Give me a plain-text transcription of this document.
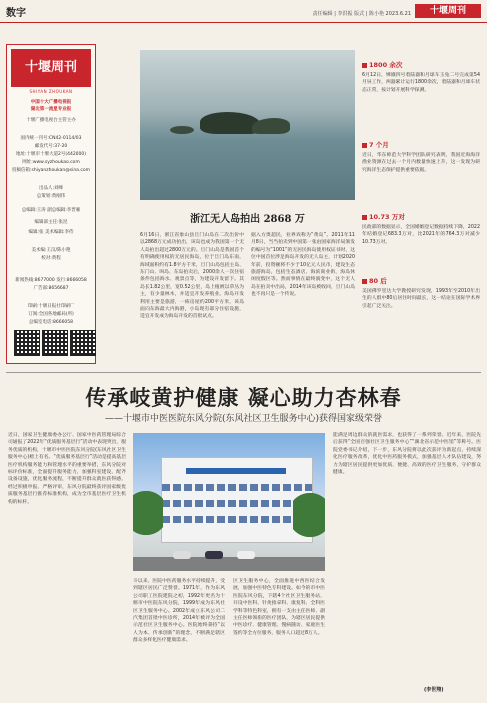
数字	责任编辑 | 李洪振 版式 | 陈小艳 2023.6.21	十堰周刊
十堰周刊
SHIYAN ZHOUKAN
中国十大广播电视报
湖北第一流星专业报
十堰广播电视台主管主办
国内统一刊号:CN42-0114/03
邮发代号:37-20
地址:十堰市十堰大道2号(442000)
网址:www.syzhoukao.com
投稿信箱:shiyanzhoukan@sina.com
出品人:刘峰
总策划:黄刚伟
总编辑:王涛 副总编辑:李晋雁
编辑部主任:张昆
编辑:张 美术编辑:李侍
美术编:王汉/陈小艳
校对:黄程
新闻热线:8677000 发行:8666058
广告部:8656687
印刷:十堰日报社印刷厂
订阅:全国各地邮局(所)
总编室电话:8666058
浙江无人岛拍出 2868 万
6月16日，浙江省象山县旦门山岛在二次出价中以2868万元成功拍出，该岛也成为我国第一个无人岛拍出超过2800万元的。旦门山岛是我国首个有明确使用权的无居民海岛，位于旦门岛东南，海域面积约有1.8平方千米，旦门山岛包括主岛、东门山、叫岛、东岛拍卖后，2000余人一次住宿条件包括海水、观景点等，为建设开发留下。其岛长1.82公里，宽0.52公里，岛上植被以草丛为主，有少量林木，并适宜开发养殖业。海岛开发利用主要是旅游，一栋房屋约200平方米，该岛面向东海最大内海港，小岛现有部分住宿设施，适宜开发成为海岛开发的首批试点。
据入方奥超民，业界戏称为“黄岛”。2011年11月8日，当当拍卖到中国第一张由国家海洋局颁发的编号为“1001”的无居民海岛使用权证书时，这位中国首位涉足海岛开发的无人岛主，计划2020年前，投资额将不少于10亿元人民币，建设生态旅游海岛，包括生态酒店、海滨商业街、海岛休闲度假区等。然而事情在最终演变中，这个无人岛在拍卖中出局，2014年该岛被收回，旦门山岛也不再只是一个传说。
1800 余次
6月12日，嫦娥四号着陆器和月球车玉兔二号完成第54月昼工作，两器累计运行1800余次，着陆器和月球车状态正常，按计划开展科学探测。
7 个月
近日，华东师范大学科学团队研究表明，我国近海海洋渔业资源在过去一个月内数量快速上升，这一发现为研究海洋生态保护提供重要依据。
10.73 万对
民政部的数据显示，全国婚姻登记数据持续下降，2022年结婚登记683.3万对，比2021年的764.3万对减少10.73万对。
80 后
美国佛罗里达大学教授研究发现，1993年至2010年出生的人群中80后居住时间最长，这一结论在国际学术界引起广泛关注。
传承岐黄护健康 凝心助力杏林春
——十堰市中医医院东风分院(东风社区卫生服务中心)获得国家级荣誉
近日，国家卫生健康委办公厅、国家中医药管理局综合司通报了2022年“优质服务基层行”活动中表现突出，服务优质的机构，十堰市中医医院东风分院(东风社区卫生服务中心)榜上有名。“优质服务基层行”活动是提高基层医疗机构服务能力和管理水平的重要举措，东风分院对标评价标准，全面提升服务能力，加强科室建设，配齐设备设施，优化服务流程，不断提升群众就医获得感。经过积极申报、严格评审，东风分院最终获评国家级优质服务基层行推荐标准机构，成为全市基层医疗卫生机构的标杆。
斗以来，医院中医药服务水平持续提升，受到辖区居民广泛赞誉。1971年，作为东风公司职工医院建院之初，1992年更名为十堰市中医院东风分院，1999年成为东风社区卫生服务中心。2002年成立东风公司二汽集团首批中医诊所，2014年被评为全国示范社区卫生服务中心。医院始终秉持“以人为本、传承创新”的理念，不断满足辖区群众多样化医疗健康需求。
区卫生服务中心，全面推进中西医结合发展，加强中医特色专科建设。如今的市中医医院东风分院，下辖4个社区卫生服务站，开设中医科、针灸推拿科、康复科、全科医学科等特色科室，拥有一支由主任医师、副主任医师领衔的医疗团队，为辖区居民提供中医诊疗、健康管理、慢病随访、家庭医生签约等全方位服务，服务人口超过8万人。
能满足周边群众的就医需求，也获得了一系列荣誉。近年来，医院先后获得“全国百强社区卫生服务中心”“湖北省示范中医馆”等称号。医院党委书记介绍，下一步，东风分院将以此次获评为新起点，持续深化医疗服务改革，优化中医药服务模式，加强基层人才队伍建设，努力为辖区居民提供更加优质、便捷、高效的医疗卫生服务，守护群众健康。
(李世翔)
